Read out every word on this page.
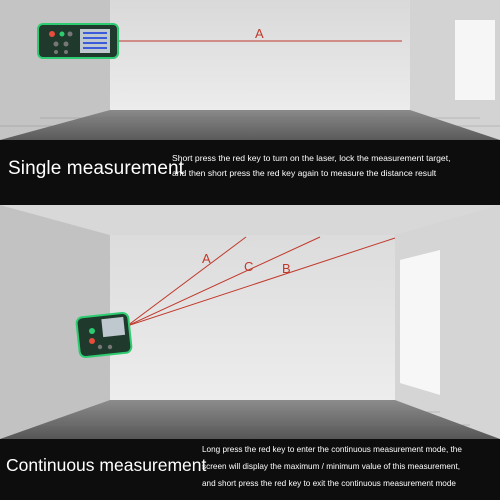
A
Single measurement
Short press the red key to turn on the laser, lock the measurement target,
and then short press the red key again to measure the distance result
A
C B
Continuous measurement
Long press the red key to enter the continuous measurement mode, the
screen will display the maximum / minimum value of this measurement,
and short press the red key to exit the continuous measurement mode
